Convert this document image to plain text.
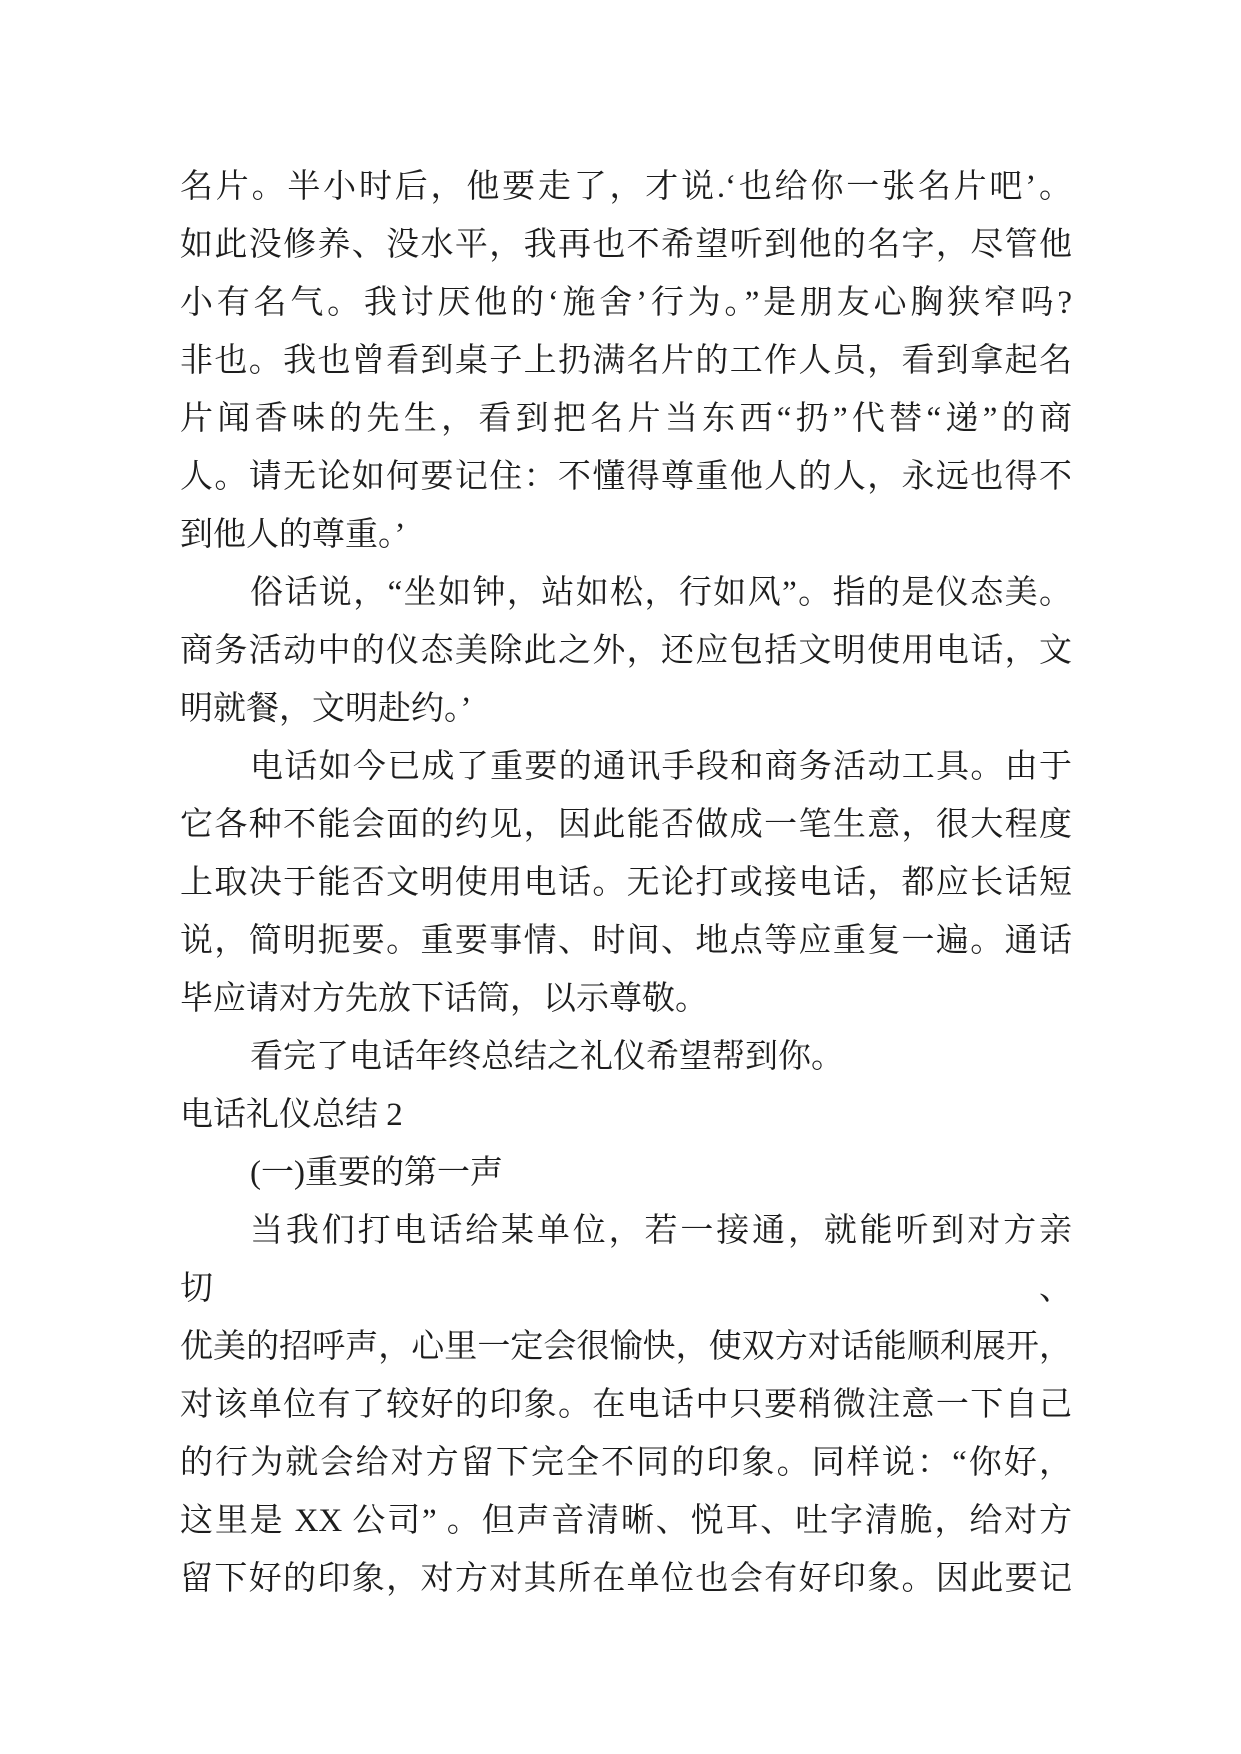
名片。半小时后，他要走了，才说.‘也给你一张名片吧’。
如此没修养、没水平，我再也不希望听到他的名字，尽管他
小有名气。我讨厌他的‘施舍’行为。”是朋友心胸狭窄吗?
非也。我也曾看到桌子上扔满名片的工作人员，看到拿起名
片闻香味的先生，看到把名片当东西“扔”代替“递”的商
人。请无论如何要记住：不懂得尊重他人的人，永远也得不
到他人的尊重。’
俗话说，“坐如钟，站如松，行如风”。指的是仪态美。
商务活动中的仪态美除此之外，还应包括文明使用电话，文
明就餐，文明赴约。’
电话如今已成了重要的通讯手段和商务活动工具。由于
它各种不能会面的约见，因此能否做成一笔生意，很大程度
上取决于能否文明使用电话。无论打或接电话，都应长话短
说，简明扼要。重要事情、时间、地点等应重复一遍。通话
毕应请对方先放下话筒，以示尊敬。
看完了电话年终总结之礼仪希望帮到你。
电话礼仪总结 2
(一)重要的第一声
当我们打电话给某单位，若一接通，就能听到对方亲切、
优美的招呼声，心里一定会很愉快，使双方对话能顺利展开，
对该单位有了较好的印象。在电话中只要稍微注意一下自己
的行为就会给对方留下完全不同的印象。同样说：“你好，
这里是 XX 公司” 。但声音清晰、悦耳、吐字清脆，给对方
留下好的印象，对方对其所在单位也会有好印象。因此要记
